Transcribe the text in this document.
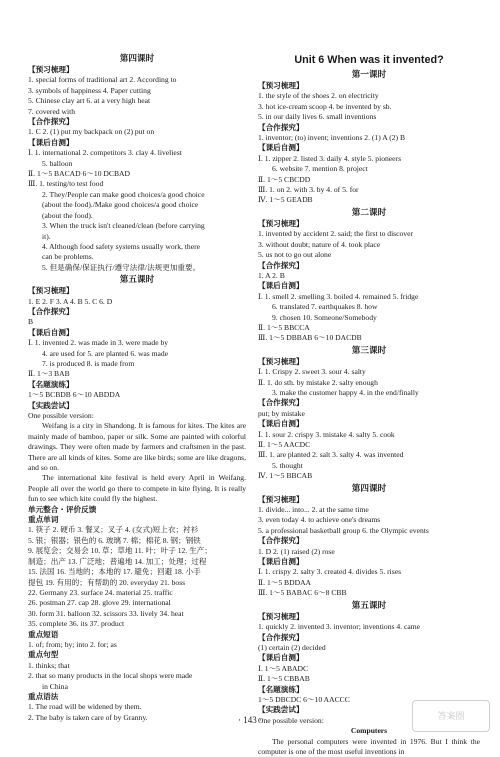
第四课时
【预习梳理】
1. special forms of traditional art 2. According to
3. symbols of happiness 4. Paper cutting
5. Chinese clay art 6. at a very high heat
7. covered with
【合作探究】
1. C 2. (1) put my backpack on (2) put on
【课后自测】
Ⅰ. 1. international 2. competitors 3. clay 4. liveliest
5. balloon
Ⅱ. 1～5 BACAD 6～10 DCBAD
Ⅲ. 1. testing/to test food
2. They/People can make good choices/a good choice
(about the food)./Make good choices/a good choice
(about the food).
3. When the truck isn't cleaned/clean (before carrying
it).
4. Although food safety systems usually work, there
can be problems.
5. 但是确保/保证执行/遵守法律/法规更加重要。
第五课时
【预习梳理】
1. E 2. F 3. A 4. B 5. C 6. D
【合作探究】
B
【课后自测】
Ⅰ. 1. invented 2. was made in 3. were made by
4. are used for 5. are planted 6. was made
7. is produced 8. is made from
Ⅱ. 1～3 BAB
【名题演练】
1～5 BCBDB 6～10 ABDDA
【实践尝试】
One possible version:
Weifang is a city in Shandong. It is famous for kites. The kites are mainly made of bamboo, paper or silk. Some are painted with colorful drawings. They were often made by farmers and craftsmen in the past. There are all kinds of kites. Some are like birds; some are like dragons, and so on.
The international kite festival is held every April in Weifang. People all over the world go there to compete in kite flying. It is really fun to see which kite could fly the highest.
单元整合・评价反馈
重点单词
1. 筷子 2. 硬币 3. 餐叉；叉子 4. (女式)短上衣；衬衫
5. 银；银器；银色的 6. 玻璃 7. 棉；棉花 8. 钢；钢铁
9. 展览会；交易会 10. 草；草地 11. 叶；叶子 12. 生产；
制造；出产 13. 广泛地；普遍地 14. 加工；处理；过程
15. 法国 16. 当地的；本地的 17. 避免；回避 18. 小手
提包 19. 有用的；有帮助的 20. everyday 21. boss
22. Germany 23. surface 24. material 25. traffic
26. postman 27. cap 28. glove 29. international
30. form 31. balloon 32. scissors 33. lively 34. heat
35. complete 36. its 37. product
重点短语
1. of; from; by; into 2. for; as
重点句型
1. thinks; that
2. that so many products in the local shops were made
in China
重点语法
1. The road will be widened by them.
2. The baby is taken care of by Granny.
Unit 6 When was it invented?
第一课时
【预习梳理】
1. the style of the shoes 2. on electricity
3. hot ice-cream scoop 4. be invented by sb.
5. in our daily lives 6. small inventions
【合作探究】
1. inventor; (to) invent; inventions 2. (1) A (2) B
【课后自测】
Ⅰ. 1. zipper 2. listed 3. daily 4. style 5. pioneers
6. website 7. mention 8. project
Ⅱ. 1～5 CBCDD
Ⅲ. 1. on 2. with 3. by 4. of 5. for
Ⅳ. 1～5 GEADB
第二课时
【预习梳理】
1. invented by accident 2. said; the first to discover
3. without doubt; nature of 4. took place
5. us not to go out alone
【合作探究】
1. A 2. B
【课后自测】
Ⅰ. 1. smell 2. smelling 3. boiled 4. remained 5. fridge
6. translated 7. earthquakes 8. how
9. chosen 10. Someone/Somebody
Ⅱ. 1～5 BBCCA
Ⅲ. 1～5 DBBAB 6～10 DACDB
第三课时
【预习梳理】
Ⅰ. 1. Crispy 2. sweet 3. sour 4. salty
Ⅱ. 1. do sth. by mistake 2. salty enough
3. make the customer happy 4. in the end/finally
【合作探究】
put; by mistake
【课后自测】
Ⅰ. 1. sour 2. crispy 3. mistake 4. salty 5. cook
Ⅱ. 1～5 AACDC
Ⅲ. 1. are planted 2. salt 3. salty 4. was invented
5. thought
Ⅳ. 1～5 BBCAB
第四课时
【预习梳理】
1. divide... into... 2. at the same time
3. even today 4. to achieve one's dreams
5. a professional basketball group 6. the Olympic events
【合作探究】
1. D 2. (1) raised (2) rose
【课后自测】
Ⅰ. 1. crispy 2. salty 3. created 4. divides 5. rises
Ⅱ. 1～5 BDDAA
Ⅲ. 1～5 BABAC 6～8 CBB
第五课时
【预习梳理】
1. quickly 2. invented 3. inventor; inventions 4. came
【合作探究】
(1) certain (2) decided
【课后自测】
Ⅰ. 1～5 ABADC
Ⅱ. 1～5 CBBAB
【名题演练】
1～5 DBCDC 6～10 AACCC
【实践尝试】
One possible version:
Computers
The personal computers were invented in 1976. But I think the computer is one of the most useful inventions in
· 143 ·	答案圈
